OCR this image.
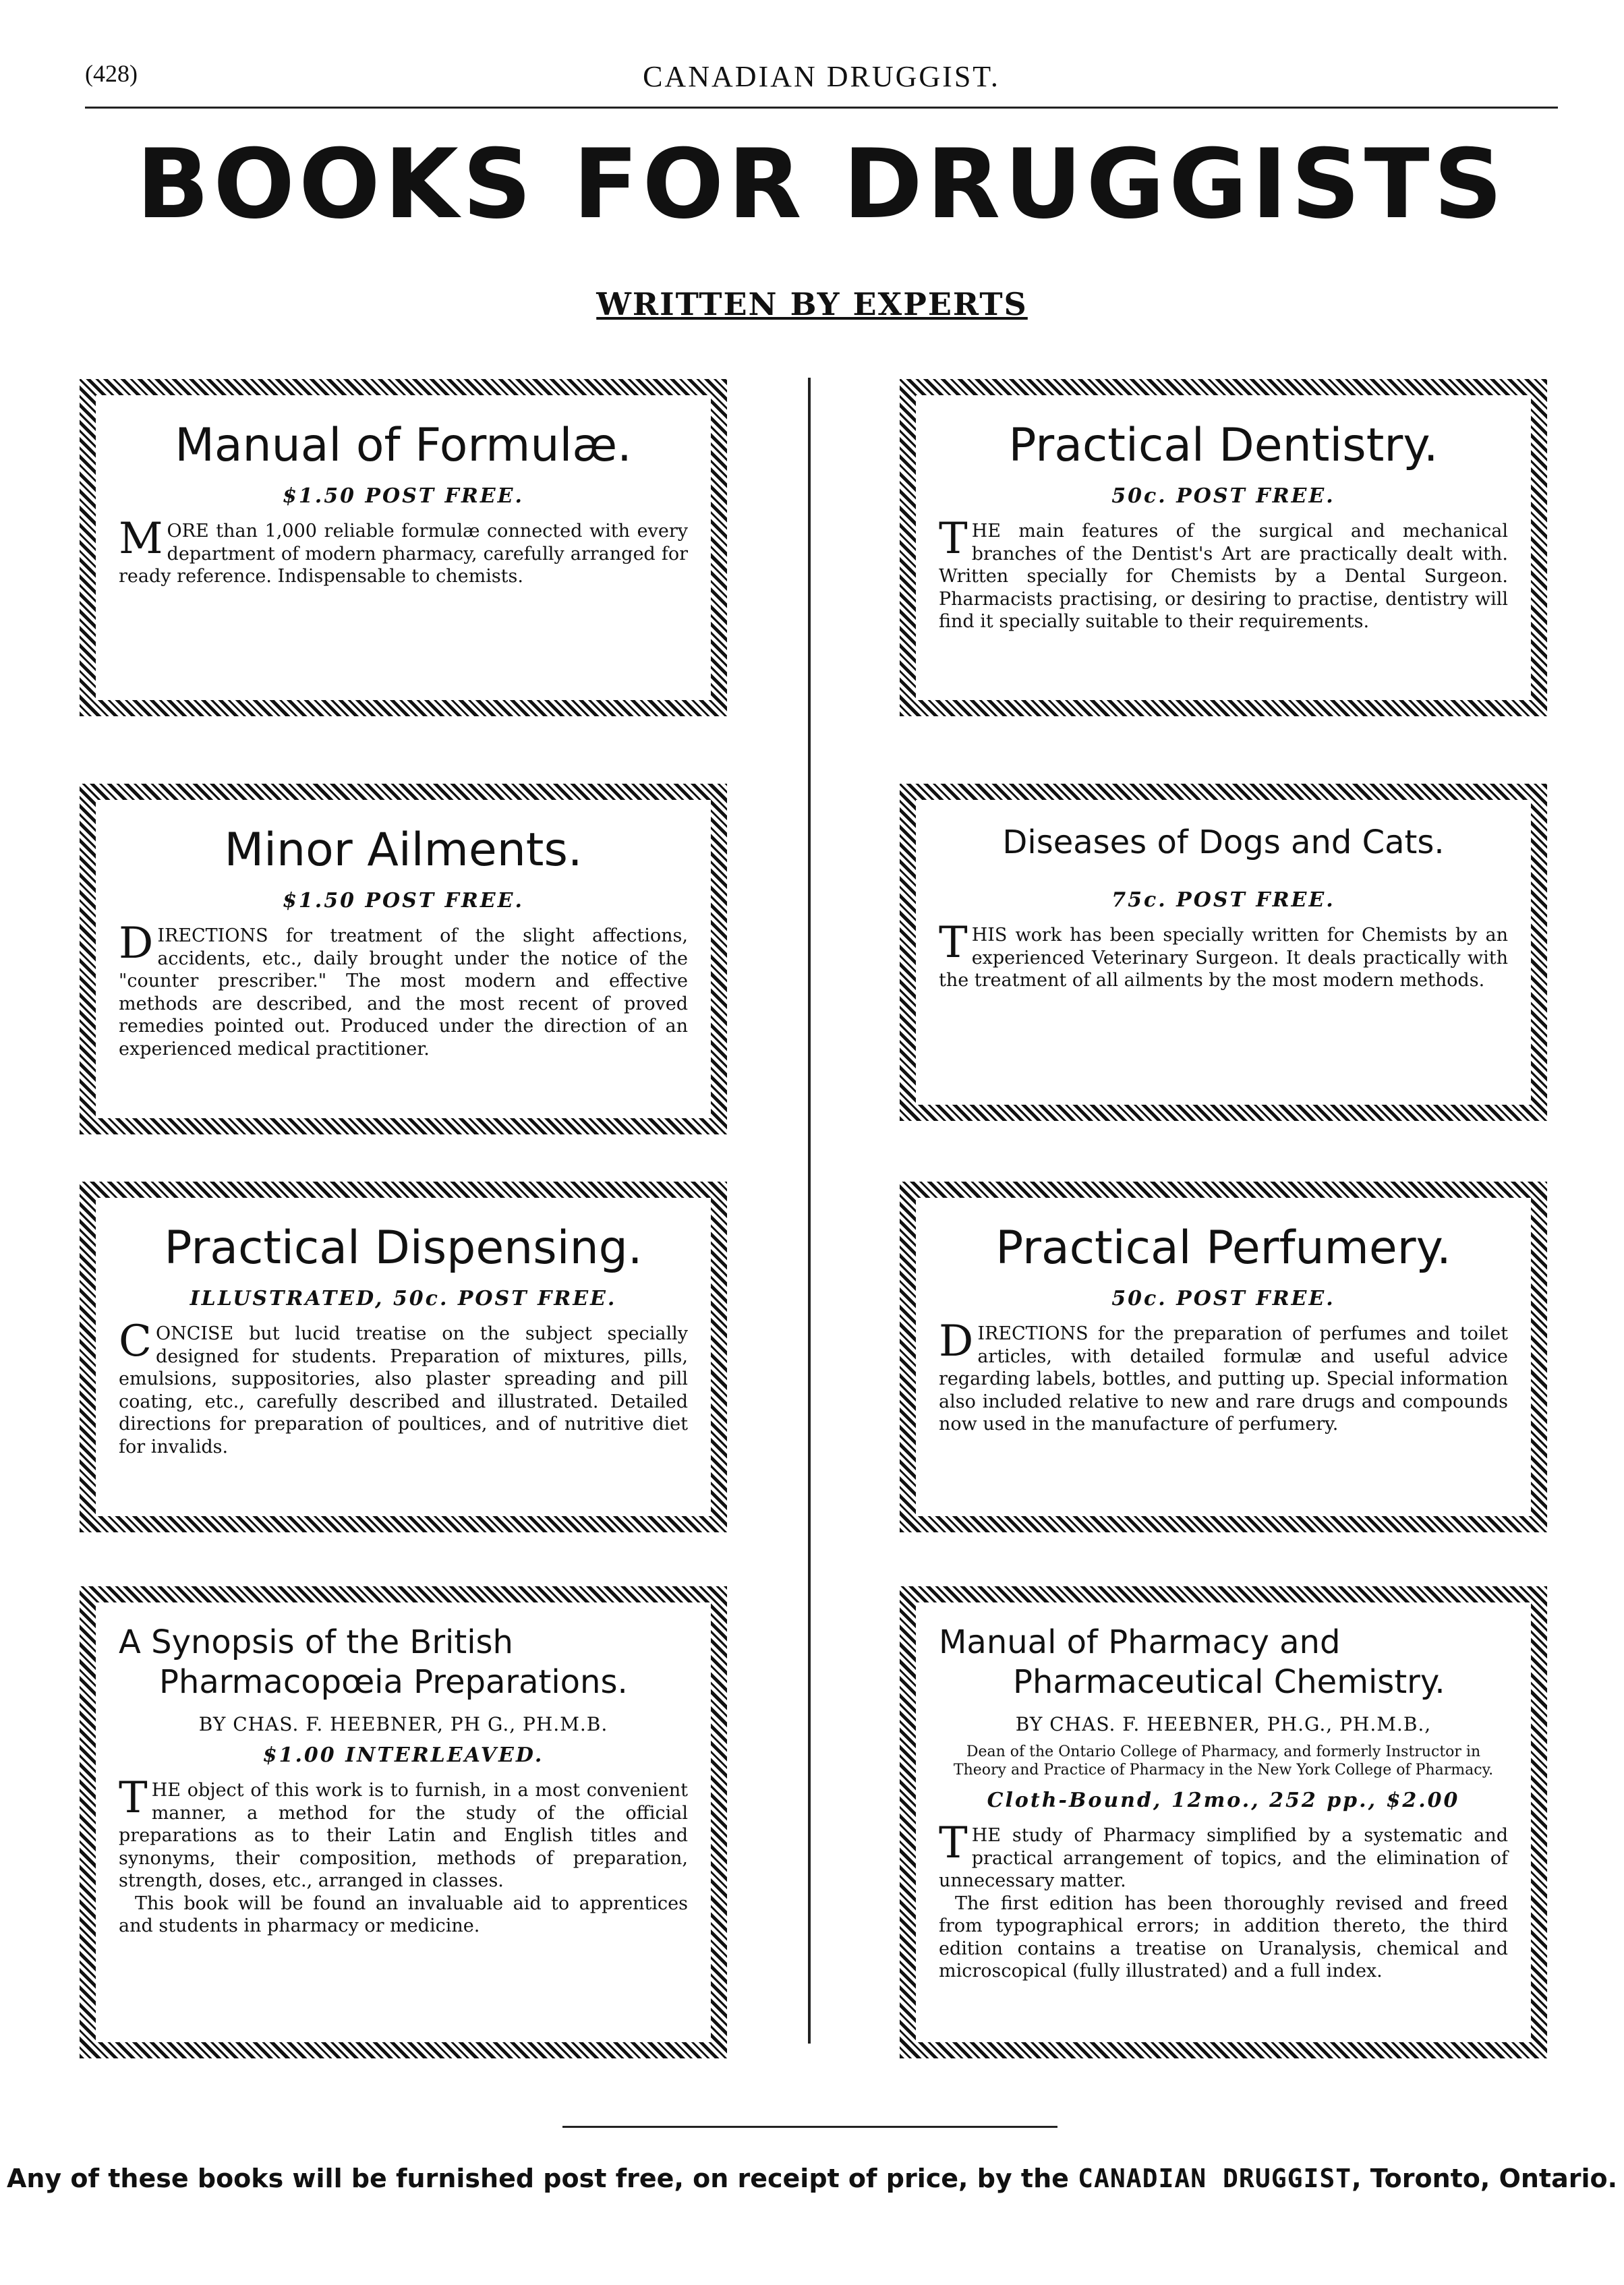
(428)	CANADIAN DRUGGIST.
BOOKS FOR DRUGGISTS
WRITTEN BY EXPERTS
Manual of Formulæ.
$1.50 POST FREE.
MORE than 1,000 reliable formulæ connected with every department of modern pharmacy, carefully arranged for ready reference. Indispensable to chemists.
Minor Ailments.
$1.50 POST FREE.
DIRECTIONS for treatment of the slight affections, accidents, etc., daily brought under the notice of the "counter prescriber." The most modern and effective methods are described, and the most recent of proved remedies pointed out. Produced under the direction of an experienced medical practitioner.
Practical Dispensing.
ILLUSTRATED, 50c. POST FREE.
CONCISE but lucid treatise on the subject specially designed for students. Preparation of mixtures, pills, emulsions, suppositories, also plaster spreading and pill coating, etc., carefully described and illustrated. Detailed directions for preparation of poultices, and of nutritive diet for invalids.
A Synopsis of the British
Pharmacopœia Preparations.
BY CHAS. F. HEEBNER, PH G., PH.M.B.
$1.00 INTERLEAVED.
THE object of this work is to furnish, in a most convenient manner, a method for the study of the official preparations as to their Latin and English titles and synonyms, their composition, methods of preparation, strength, doses, etc., arranged in classes.
This book will be found an invaluable aid to apprentices and students in pharmacy or medicine.
Practical Dentistry.
50c. POST FREE.
THE main features of the surgical and mechanical branches of the Dentist's Art are practically dealt with. Written specially for Chemists by a Dental Surgeon. Pharmacists practising, or desiring to practise, dentistry will find it specially suitable to their requirements.
Diseases of Dogs and Cats.
75c. POST FREE.
THIS work has been specially written for Chemists by an experienced Veterinary Surgeon. It deals practically with the treatment of all ailments by the most modern methods.
Practical Perfumery.
50c. POST FREE.
DIRECTIONS for the preparation of perfumes and toilet articles, with detailed formulæ and useful advice regarding labels, bottles, and putting up. Special information also included relative to new and rare drugs and compounds now used in the manufacture of perfumery.
Manual of Pharmacy and
Pharmaceutical Chemistry.
BY CHAS. F. HEEBNER, PH.G., PH.M.B.,
Dean of the Ontario College of Pharmacy, and formerly Instructor in Theory and Practice of Pharmacy in the New York College of Pharmacy.
Cloth-Bound, 12mo., 252 pp., $2.00
THE study of Pharmacy simplified by a systematic and practical arrangement of topics, and the elimination of unnecessary matter.
The first edition has been thoroughly revised and freed from typographical errors; in addition thereto, the third edition contains a treatise on Uranalysis, chemical and microscopical (fully illustrated) and a full index.
Any of these books will be furnished post free, on receipt of price, by the CANADIAN DRUGGIST, Toronto, Ontario.
